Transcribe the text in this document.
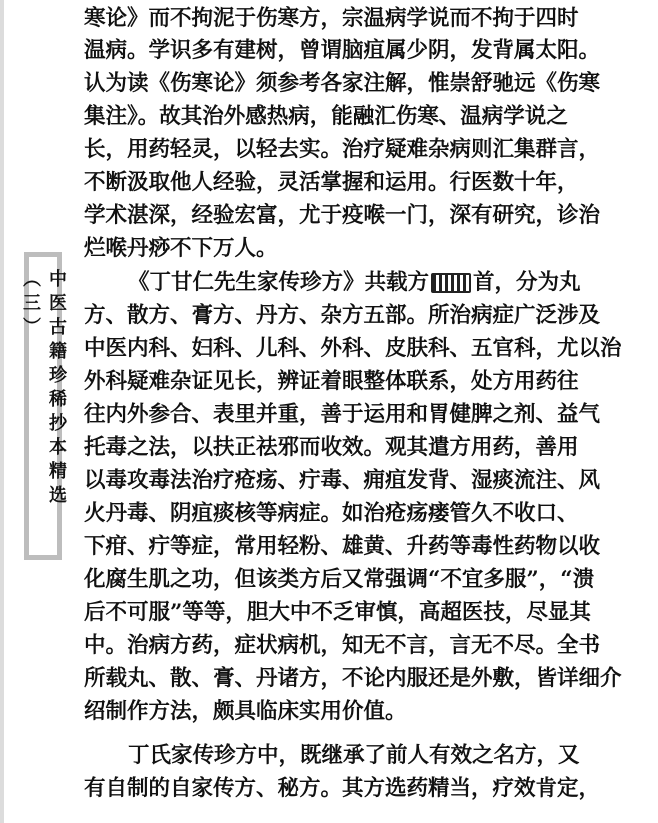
中医古籍珍稀抄本精选（三）
寒论》而不拘泥于伤寒方，宗温病学说而不拘于四时
温病。学识多有建树，曾谓脑疽属少阴，发背属太阳。
认为读《伤寒论》须参考各家注解，惟崇舒驰远《伤寒
集注》。故其治外感热病，能融汇伤寒、温病学说之
长，用药轻灵，以轻去实。治疗疑难杂病则汇集群言，
不断汲取他人经验，灵活掌握和运用。行医数十年，
学术湛深，经验宏富，尤于疫喉一门，深有研究，诊治
烂喉丹痧不下万人。
《丁甘仁先生家传珍方》共载方 首，分为丸
方、散方、膏方、丹方、杂方五部。所治病症广泛涉及
中医内科、妇科、儿科、外科、皮肤科、五官科，尤以治
外科疑难杂证见长，辨证着眼整体联系，处方用药往
往内外参合、表里并重，善于运用和胃健脾之剂、益气
托毒之法，以扶正祛邪而收效。观其遣方用药，善用
以毒攻毒法治疗疮疡、疔毒、痈疽发背、湿痰流注、风
火丹毒、阴疽痰核等病症。如治疮疡瘘管久不收口、
下疳、疔等症，常用轻粉、雄黄、升药等毒性药物以收
化腐生肌之功，但该类方后又常强调“不宜多服”，“溃
后不可服”等等，胆大中不乏审慎，高超医技，尽显其
中。治病方药，症状病机，知无不言，言无不尽。全书
所载丸、散、膏、丹诸方，不论内服还是外敷，皆详细介
绍制作方法，颇具临床实用价值。
丁氏家传珍方中，既继承了前人有效之名方，又
有自制的自家传方、秘方。其方选药精当，疗效肯定，
